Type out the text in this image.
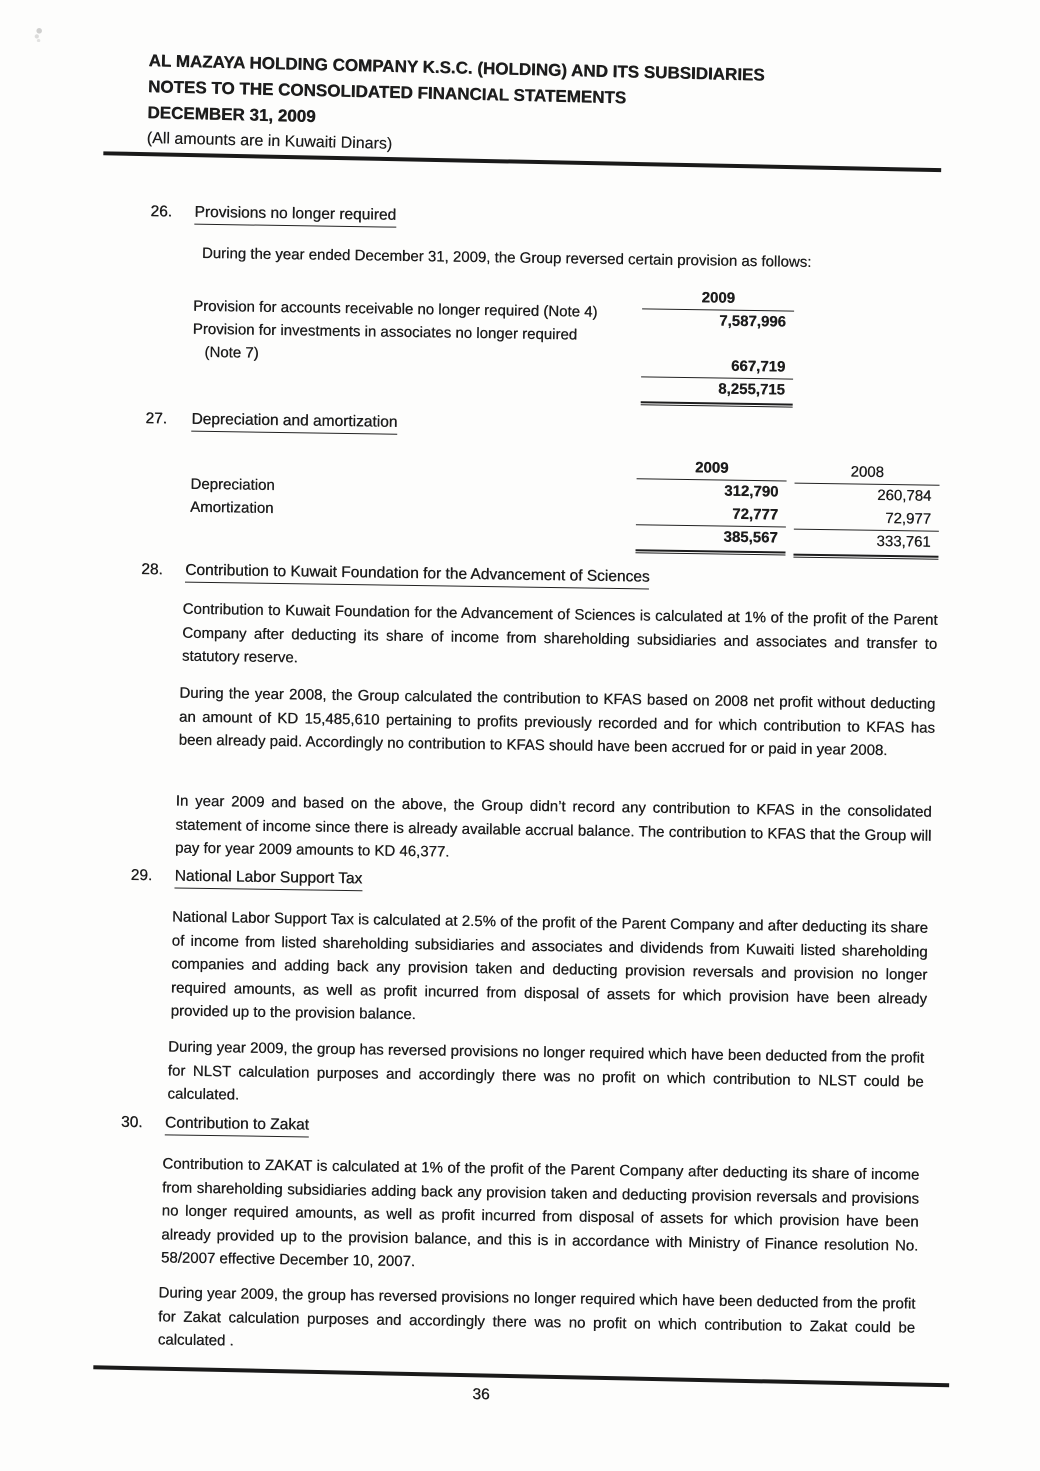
AL MAZAYA HOLDING COMPANY K.S.C. (HOLDING) AND ITS SUBSIDIARIES
NOTES TO THE CONSOLIDATED FINANCIAL STATEMENTS
DECEMBER 31, 2009
(All amounts are in Kuwaiti Dinars)
26. Provisions no longer required
During the year ended December 31, 2009, the Group reversed certain provision as follows:
Provision for accounts receivable no longer required (Note 4)
Provision for investments in associates no longer required
(Note 7)
2009
7,587,996
667,719
8,255,715
27. Depreciation and amortization
Depreciation
Amortization
2009
312,790
72,777
385,567
2008
260,784
72,977
333,761
28. Contribution to Kuwait Foundation for the Advancement of Sciences
Contribution to Kuwait Foundation for the Advancement of Sciences is calculated at 1% of the profit of the Parent Company after deducting its share of income from shareholding subsidiaries and associates and transfer to statutory reserve.
During the year 2008, the Group calculated the contribution to KFAS based on 2008 net profit without deducting an amount of KD 15,485,610 pertaining to profits previously recorded and for which contribution to KFAS has been already paid. Accordingly no contribution to KFAS should have been accrued for or paid in year 2008.
In year 2009 and based on the above, the Group didn’t record any contribution to KFAS in the consolidated statement of income since there is already available accrual balance. The contribution to KFAS that the Group will pay for year 2009 amounts to KD 46,377.
29. National Labor Support Tax
National Labor Support Tax is calculated at 2.5% of the profit of the Parent Company and after deducting its share of income from listed shareholding subsidiaries and associates and dividends from Kuwaiti listed shareholding companies and adding back any provision taken and deducting provision reversals and provision no longer required amounts, as well as profit incurred from disposal of assets for which provision have been already provided up to the provision balance.
During year 2009, the group has reversed provisions no longer required which have been deducted from the profit for NLST calculation purposes and accordingly there was no profit on which contribution to NLST could be calculated.
30. Contribution to Zakat
Contribution to ZAKAT is calculated at 1% of the profit of the Parent Company after deducting its share of income from shareholding subsidiaries adding back any provision taken and deducting provision reversals and provisions no longer required amounts, as well as profit incurred from disposal of assets for which provision have been already provided up to the provision balance, and this is in accordance with Ministry of Finance resolution No. 58/2007 effective December 10, 2007.
During year 2009, the group has reversed provisions no longer required which have been deducted from the profit for Zakat calculation purposes and accordingly there was no profit on which contribution to Zakat could be calculated .
36
